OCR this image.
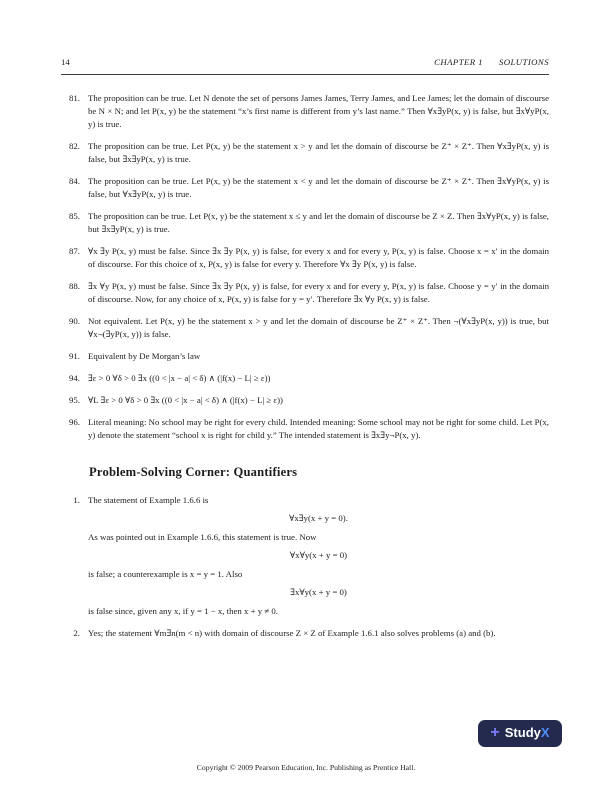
14	CHAPTER 1 SOLUTIONS
81. The proposition can be true. Let N denote the set of persons James James, Terry James, and Lee James; let the domain of discourse be N × N; and let P(x, y) be the statement “x’s first name is different from y’s last name.” Then ∀x∃yP(x, y) is false, but ∃x∀yP(x, y) is true.
82. The proposition can be true. Let P(x, y) be the statement x > y and let the domain of discourse be Z⁺ × Z⁺. Then ∀x∃yP(x, y) is false, but ∃x∃yP(x, y) is true.
84. The proposition can be true. Let P(x, y) be the statement x < y and let the domain of discourse be Z⁺ × Z⁺. Then ∃x∀yP(x, y) is false, but ∀x∃yP(x, y) is true.
85. The proposition can be true. Let P(x, y) be the statement x ≤ y and let the domain of discourse be Z × Z. Then ∃x∀yP(x, y) is false, but ∃x∃yP(x, y) is true.
87. ∀x ∃y P(x, y) must be false. Since ∃x ∃y P(x, y) is false, for every x and for every y, P(x, y) is false. Choose x = x′ in the domain of discourse. For this choice of x, P(x, y) is false for every y. Therefore ∀x ∃y P(x, y) is false.
88. ∃x ∀y P(x, y) must be false. Since ∃x ∃y P(x, y) is false, for every x and for every y, P(x, y) is false. Choose y = y′ in the domain of discourse. Now, for any choice of x, P(x, y) is false for y = y′. Therefore ∃x ∀y P(x, y) is false.
90. Not equivalent. Let P(x, y) be the statement x > y and let the domain of discourse be Z⁺ × Z⁺. Then ¬(∀x∃yP(x, y)) is true, but ∀x¬(∃yP(x, y)) is false.
91. Equivalent by De Morgan’s law
94. ∃ε > 0 ∀δ > 0 ∃x ((0 < |x − a| < δ) ∧ (|f(x) − L| ≥ ε))
95. ∀L ∃ε > 0 ∀δ > 0 ∃x ((0 < |x − a| < δ) ∧ (|f(x) − L| ≥ ε))
96. Literal meaning: No school may be right for every child. Intended meaning: Some school may not be right for some child. Let P(x, y) denote the statement “school x is right for child y.” The intended statement is ∃x∃y¬P(x, y).
Problem-Solving Corner: Quantifiers
1. The statement of Example 1.6.6 is
∀x∃y(x + y = 0).
As was pointed out in Example 1.6.6, this statement is true. Now
∀x∀y(x + y = 0)
is false; a counterexample is x = y = 1. Also
∃x∀y(x + y = 0)
is false since, given any x, if y = 1 − x, then x + y ≠ 0.
2. Yes; the statement ∀m∃n(m < n) with domain of discourse Z × Z of Example 1.6.1 also solves problems (a) and (b).
Copyright © 2009 Pearson Education, Inc. Publishing as Prentice Hall.
+ StudyX
